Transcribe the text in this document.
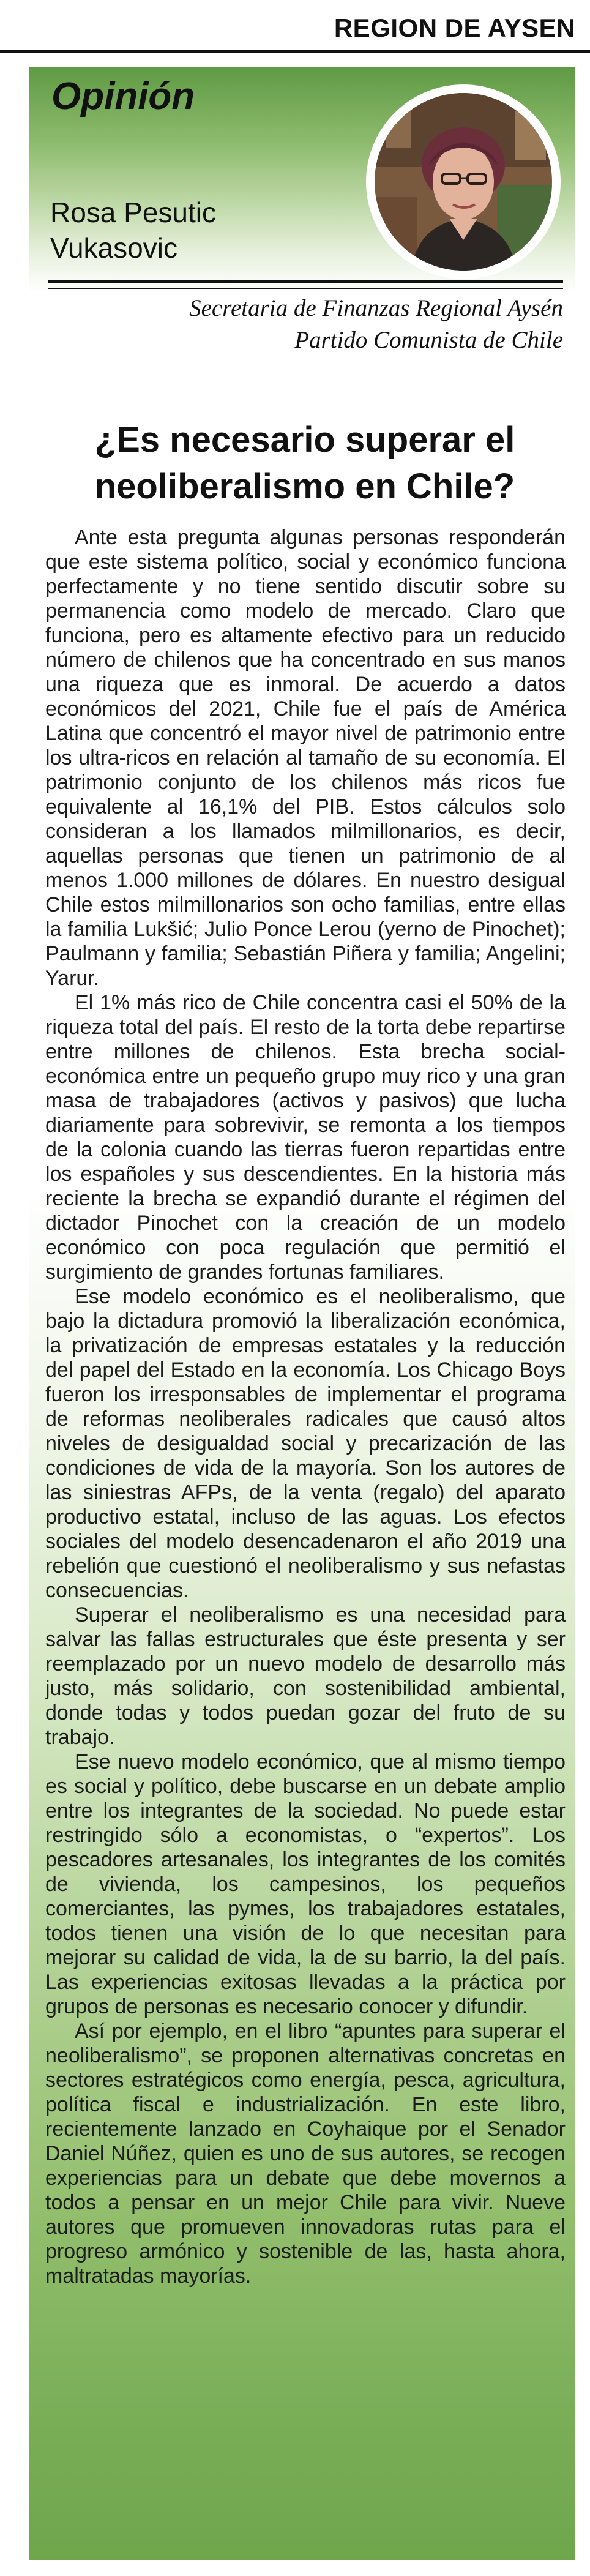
REGION DE AYSEN
Opinión
Rosa Pesutic
Vukasovic
Secretaria de Finanzas Regional Aysén
Partido Comunista de Chile
¿Es necesario superar el
neoliberalismo en Chile?

Ante esta pregunta algunas personas responderán que este sistema político, social y económico funciona perfectamente y no tiene sentido discutir sobre su permanencia como modelo de mercado. Claro que funciona, pero es altamente efectivo para un reducido número de chilenos que ha concentrado en sus manos una riqueza que es inmoral. De acuerdo a datos económicos del 2021, Chile fue el país de América Latina que concentró el mayor nivel de patrimonio entre los ultra-ricos en relación al tamaño de su economía. El patrimonio conjunto de los chilenos más ricos fue equivalente al 16,1% del PIB. Estos cálculos solo consideran a los llamados milmillonarios, es decir, aquellas personas que tienen un patrimonio de al menos 1.000 millones de dólares. En nuestro desigual Chile estos milmillonarios son ocho familias, entre ellas la familia Lukšić; Julio Ponce Lerou (yerno de Pinochet); Paulmann y familia; Sebastián Piñera y familia; Angelini; Yarur.

El 1% más rico de Chile concentra casi el 50% de la riqueza total del país. El resto de la torta debe repartirse entre millones de chilenos. Esta brecha social-económica entre un pequeño grupo muy rico y una gran masa de trabajadores (activos y pasivos) que lucha diariamente para sobrevivir, se remonta a los tiempos de la colonia cuando las tierras fueron repartidas entre los españoles y sus descendientes. En la historia más reciente la brecha se expandió durante el régimen del dictador Pinochet con la creación de un modelo económico con poca regulación que permitió el surgimiento de grandes fortunas familiares.

Ese modelo económico es el neoliberalismo, que bajo la dictadura promovió la liberalización económica, la privatización de empresas estatales y la reducción del papel del Estado en la economía. Los Chicago Boys fueron los irresponsables de implementar el programa de reformas neoliberales radicales que causó altos niveles de desigualdad social y precarización de las condiciones de vida de la mayoría. Son los autores de las siniestras AFPs, de la venta (regalo) del aparato productivo estatal, incluso de las aguas. Los efectos sociales del modelo desencadenaron el año 2019 una rebelión que cuestionó el neoliberalismo y sus nefastas consecuencias.

Superar el neoliberalismo es una necesidad para salvar las fallas estructurales que éste presenta y ser reemplazado por un nuevo modelo de desarrollo más justo, más solidario, con sostenibilidad ambiental, donde todas y todos puedan gozar del fruto de su trabajo.

Ese nuevo modelo económico, que al mismo tiempo es social y político, debe buscarse en un debate amplio entre los integrantes de la sociedad. No puede estar restringido sólo a economistas, o “expertos”. Los pescadores artesanales, los integrantes de los comités de vivienda, los campesinos, los pequeños comerciantes, las pymes, los trabajadores estatales, todos tienen una visión de lo que necesitan para mejorar su calidad de vida, la de su barrio, la del país. Las experiencias exitosas llevadas a la práctica por grupos de personas es necesario conocer y difundir.

Así por ejemplo, en el libro “apuntes para superar el neoliberalismo”, se proponen alternativas concretas en sectores estratégicos como energía, pesca, agricultura, política fiscal e industrialización. En este libro, recientemente lanzado en Coyhaique por el Senador Daniel Núñez, quien es uno de sus autores, se recogen experiencias para un debate que debe movernos a todos a pensar en un mejor Chile para vivir. Nueve autores que promueven innovadoras rutas para el progreso armónico y sostenible de las, hasta ahora, maltratadas mayorías.
